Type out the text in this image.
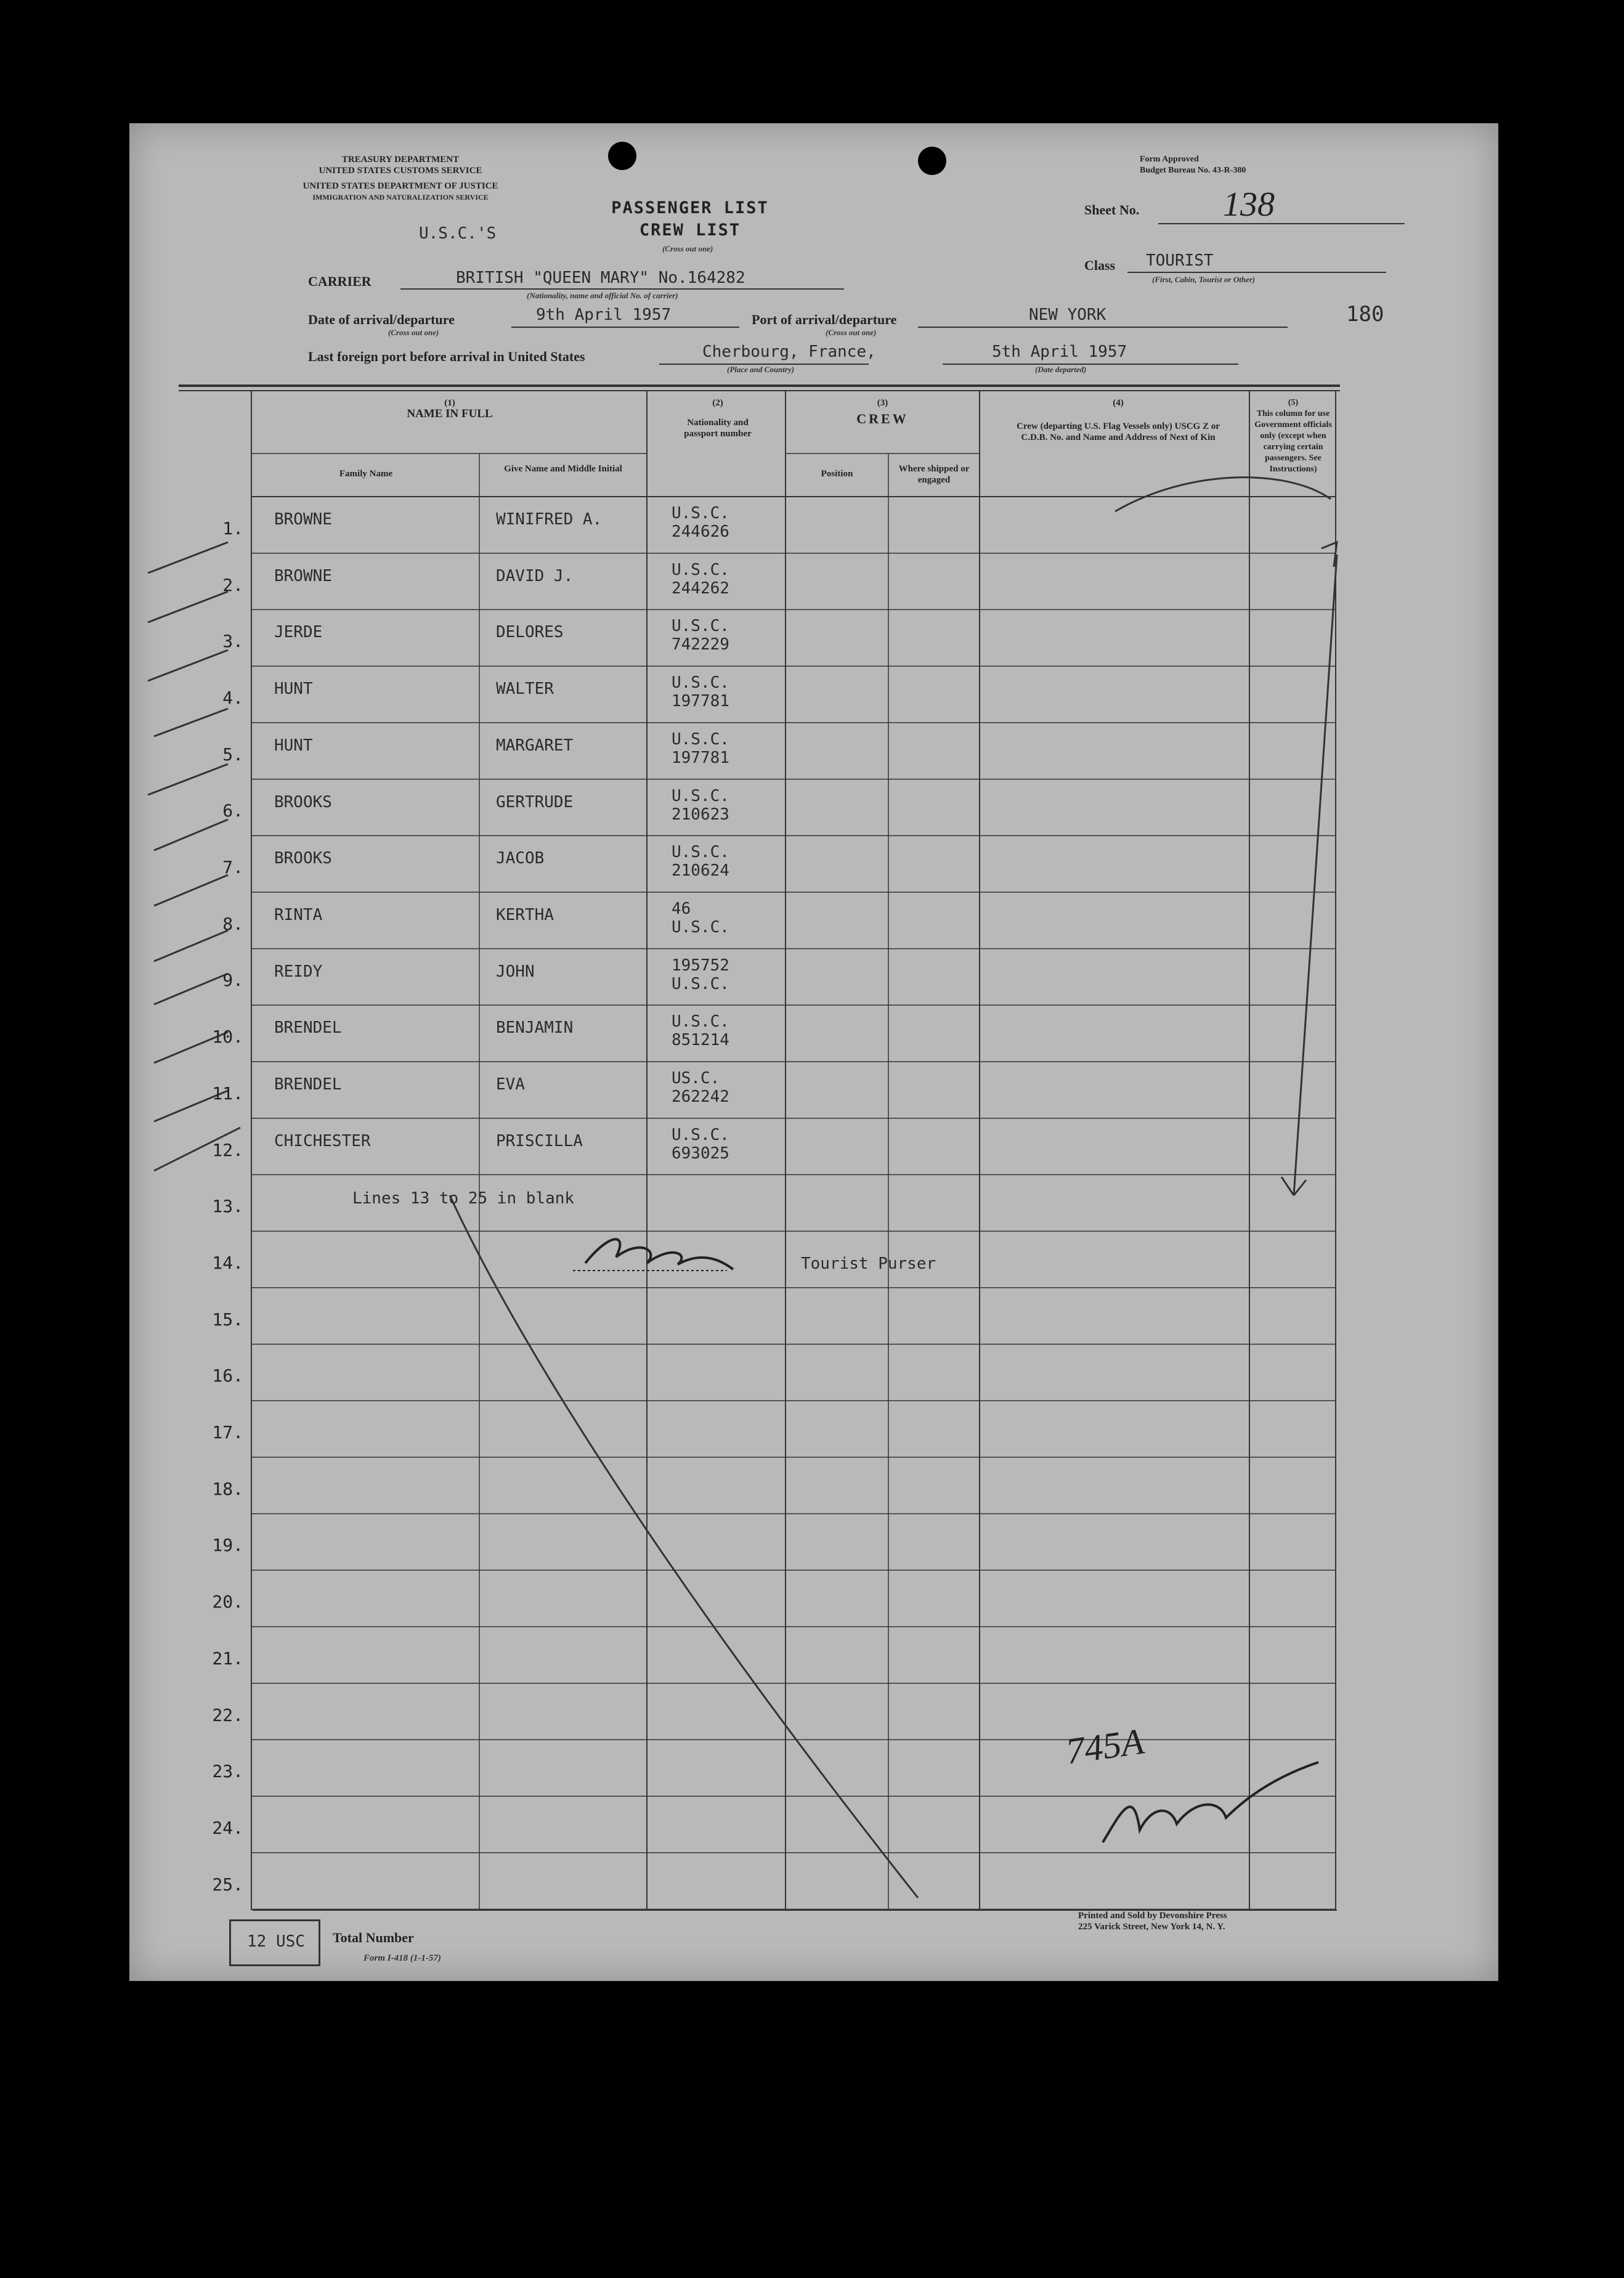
TREASURY DEPARTMENT
UNITED STATES CUSTOMS SERVICE
UNITED STATES DEPARTMENT OF JUSTICE
IMMIGRATION AND NATURALIZATION SERVICE
Form Approved
Budget Bureau No. 43-R-380
PASSENGER LIST
CREW LIST
(Cross out one)
U.S.C.'S
Sheet No. 138
Class TOURIST
(First, Cabin, Tourist or Other)
180
CARRIER	BRITISH "QUEEN MARY" No.164282
(Nationality, name and official No. of carrier)
Date of arrival/departure	9th April 1957
(Cross out one)
Port of arrival/departure	NEW YORK
(Cross out one)
Last foreign port before arrival in United States	Cherbourg, France,
(Place and Country)
5th April 1957
(Date departed)
(1)
NAME IN FULL
Family Name	Give Name and Middle Initial
(2)
Nationality and passport number
(3)
CREW
Position	Where shipped or engaged
(4)
Crew (departing U.S. Flag Vessels only) USCG Z or C.D.B. No. and Name and Address of Next of Kin
(5)
This column for use Government officials only (except when carrying certain passengers. See Instructions)
1. BROWNE	WINIFRED A.	U.S.C.
244626
2. BROWNE	DAVID J.	U.S.C.
244262
3. JERDE	DELORES	U.S.C.
742229
4. HUNT	WALTER	U.S.C.
197781
5. HUNT	MARGARET	U.S.C.
197781
6. BROOKS	GERTRUDE	U.S.C.
210623
7. BROOKS	JACOB	U.S.C.
210624
8. RINTA	KERTHA	46
U.S.C.
9. REIDY	JOHN	195752
U.S.C.
10. BRENDEL	BENJAMIN	U.S.C.
851214
11. BRENDEL	EVA	US.C.
262242
12. CHICHESTER	PRISCILLA	U.S.C.
693025
13.
14.
15.
16.
17.
18.
19.
20.
21.
22.
23.
24.
25.
Lines 13 to 25 in blank
Tourist Purser
745A
12 USC Total Number
Form I-418 (1-1-57)
Printed and Sold by Devonshire Press
225 Varick Street, New York 14, N. Y.
